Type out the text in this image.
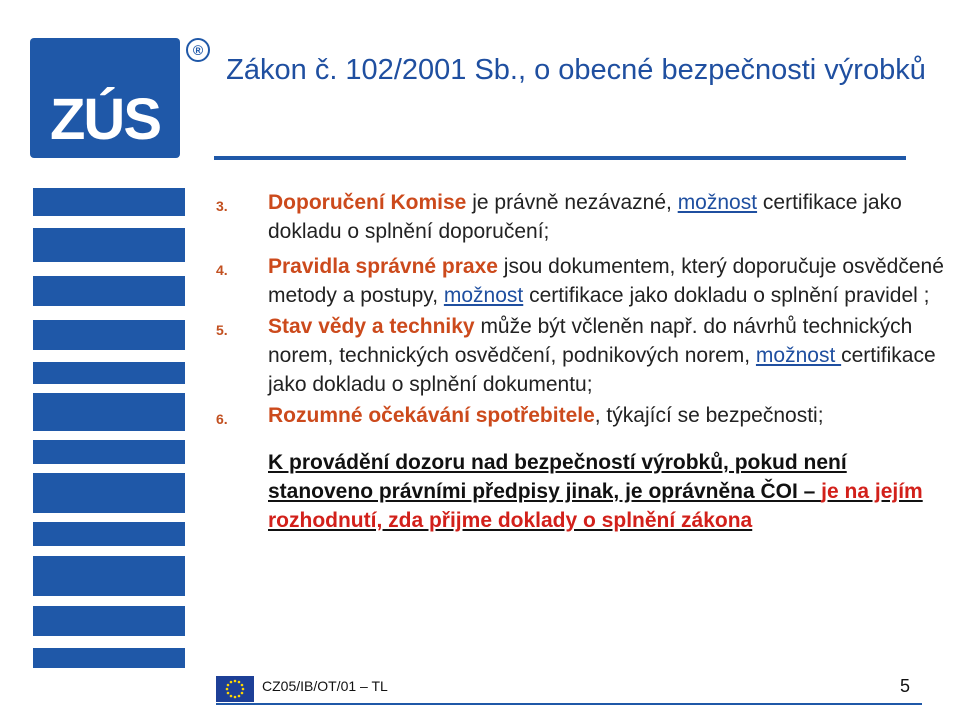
ZÚS
®
Zákon č. 102/2001 Sb., o obecné bezpečnosti výrobků
3.	Doporučení Komise je právně nezávazné, možnost certifikace jako dokladu o splnění doporučení;
4.	Pravidla správné praxe jsou dokumentem, který doporučuje osvědčené metody a postupy, možnost certifikace jako dokladu o splnění pravidel ;
5.	Stav vědy a techniky může být včleněn např. do návrhů technických norem, technických osvědčení, podnikových norem, možnost certifikace jako dokladu o splnění dokumentu;
6.	Rozumné očekávání spotřebitele, týkající se bezpečnosti;
K provádění dozoru nad bezpečností výrobků, pokud není stanoveno právními předpisy jinak, je oprávněna ČOI – je na jejím rozhodnutí, zda přijme doklady o splnění zákona
CZ05/IB/OT/01 – TL	5
